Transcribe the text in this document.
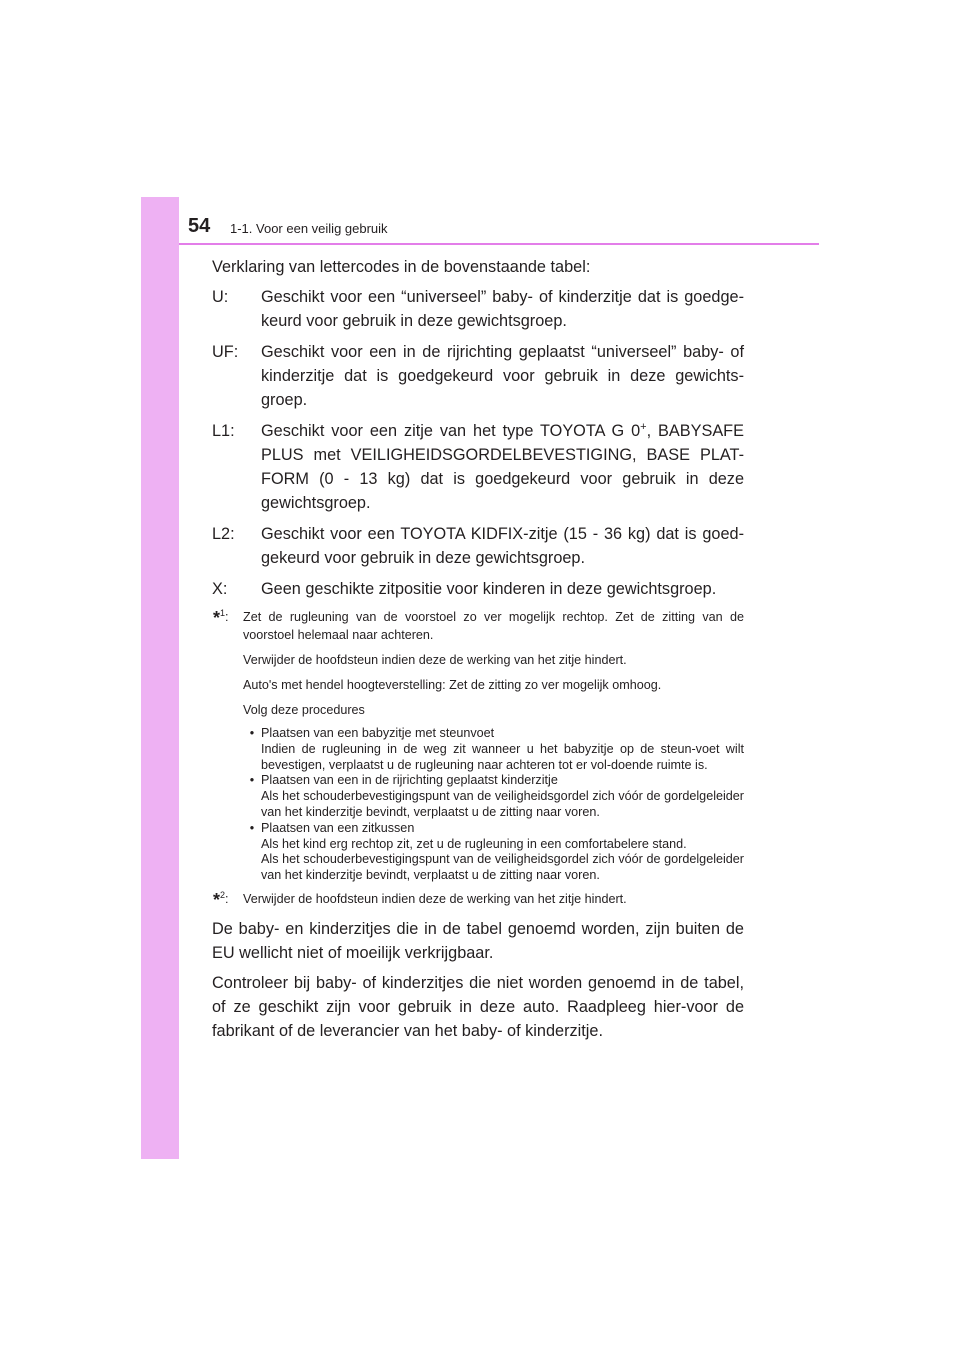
54 1-1. Voor een veilig gebruik

Verklaring van lettercodes in de bovenstaande tabel:

U:	Geschikt voor een “universeel” baby- of kinderzitje dat is goedge-keurd voor gebruik in deze gewichtsgroep.
UF:	Geschikt voor een in de rijrichting geplaatst “universeel” baby- of kinderzitje dat is goedgekeurd voor gebruik in deze gewichts-groep.
L1:	Geschikt voor een zitje van het type TOYOTA G 0+, BABYSAFE PLUS met VEILIGHEIDSGORDELBEVESTIGING, BASE PLAT-FORM (0 - 13 kg) dat is goedgekeurd voor gebruik in deze gewichtsgroep.
L2:	Geschikt voor een TOYOTA KIDFIX-zitje (15 - 36 kg) dat is goed-gekeurd voor gebruik in deze gewichtsgroep.
X:	Geen geschikte zitpositie voor kinderen in deze gewichtsgroep.
*$^1$:	Zet de rugleuning van de voorstoel zo ver mogelijk rechtop. Zet de zitting van de voorstoel helemaal naar achteren.

Verwijder de hoofdsteun indien deze de werking van het zitje hindert.

Auto's met hendel hoogteverstelling: Zet de zitting zo ver mogelijk omhoog.

Volg deze procedures

• Plaatsen van een babyzitje met steunvoet
Indien de rugleuning in de weg zit wanneer u het babyzitje op de steun-voet wilt bevestigen, verplaatst u de rugleuning naar achteren tot er vol-doende ruimte is.
• Plaatsen van een in de rijrichting geplaatst kinderzitje
Als het schouderbevestigingspunt van de veiligheidsgordel zich vóór de gordelgeleider van het kinderzitje bevindt, verplaatst u de zitting naar voren.
• Plaatsen van een zitkussen
Als het kind erg rechtop zit, zet u de rugleuning in een comfortabelere stand.
Als het schouderbevestigingspunt van de veiligheidsgordel zich vóór de gordelgeleider van het kinderzitje bevindt, verplaatst u de zitting naar voren.
*$^2$:	Verwijder de hoofdsteun indien deze de werking van het zitje hindert.

De baby- en kinderzitjes die in de tabel genoemd worden, zijn buiten de EU wellicht niet of moeilijk verkrijgbaar.

Controleer bij baby- of kinderzitjes die niet worden genoemd in de tabel, of ze geschikt zijn voor gebruik in deze auto. Raadpleeg hier-voor de fabrikant of de leverancier van het baby- of kinderzitje.
